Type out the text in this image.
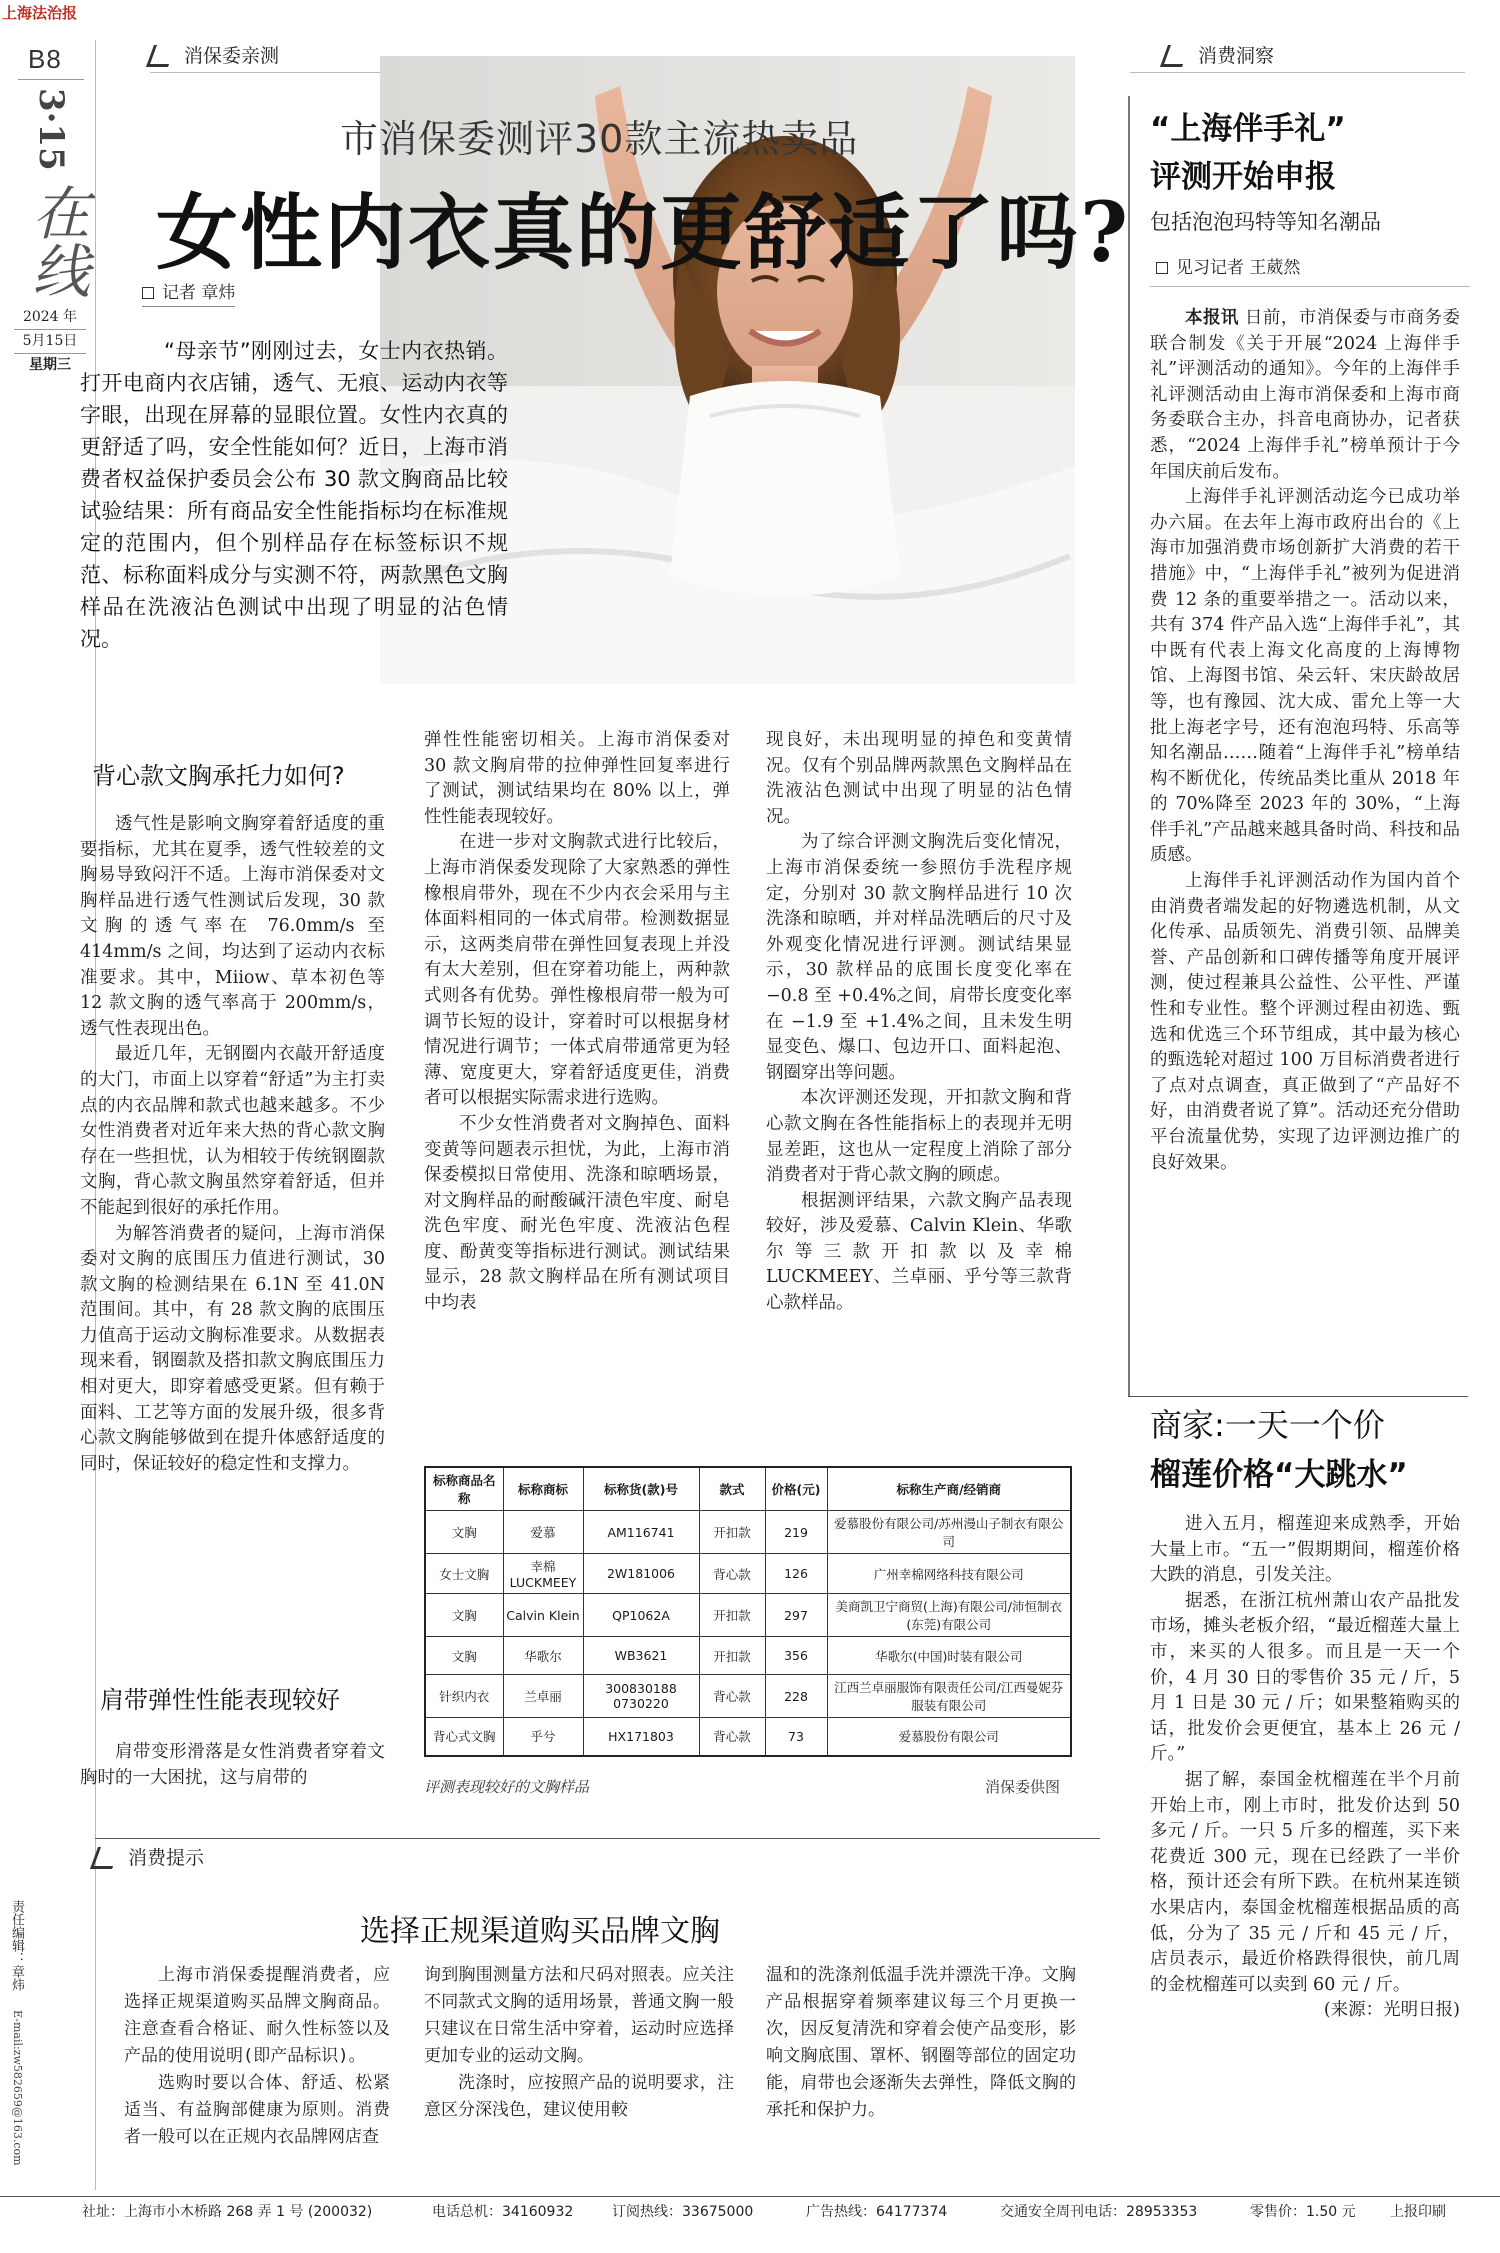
上海法治报
B8
3·15
在线
2024 年
5月15日
星期三
责任编辑：章炜
E-mail:zw582659@163.com
消保委亲测
市消保委测评30款主流热卖品
女性内衣真的更舒适了吗?
记者 章炜
“母亲节”刚刚过去，女士内衣热销。打开电商内衣店铺，透气、无痕、运动内衣等字眼，出现在屏幕的显眼位置。女性内衣真的更舒适了吗，安全性能如何？近日，上海市消费者权益保护委员会公布 30 款文胸商品比较试验结果：所有商品安全性能指标均在标准规定的范围内，但个别样品存在标签标识不规范、标称面料成分与实测不符，两款黑色文胸样品在洗液沾色测试中出现了明显的沾色情况。
背心款文胸承托力如何?

透气性是影响文胸穿着舒适度的重要指标，尤其在夏季，透气性较差的文胸易导致闷汗不适。上海市消保委对文胸样品进行透气性测试后发现，30 款文胸的透气率在 76.0mm/s 至 414mm/s 之间，均达到了运动内衣标准要求。其中，Miiow、草本初色等 12 款文胸的透气率高于 200mm/s，透气性表现出色。

最近几年，无钢圈内衣敲开舒适度的大门，市面上以穿着“舒适”为主打卖点的内衣品牌和款式也越来越多。不少女性消费者对近年来大热的背心款文胸存在一些担忧，认为相较于传统钢圈款文胸，背心款文胸虽然穿着舒适，但并不能起到很好的承托作用。

为解答消费者的疑问，上海市消保委对文胸的底围压力值进行测试，30 款文胸的检测结果在 6.1N 至 41.0N 范围间。其中，有 28 款文胸的底围压力值高于运动文胸标准要求。从数据表现来看，钢圈款及搭扣款文胸底围压力相对更大，即穿着感受更紧。但有赖于面料、工艺等方面的发展升级，很多背心款文胸能够做到在提升体感舒适度的同时，保证较好的稳定性和支撑力。

肩带弹性性能表现较好

肩带变形滑落是女性消费者穿着文胸时的一大困扰，这与肩带的

弹性性能密切相关。上海市消保委对 30 款文胸肩带的拉伸弹性回复率进行了测试，测试结果均在 80% 以上，弹性性能表现较好。

在进一步对文胸款式进行比较后，上海市消保委发现除了大家熟悉的弹性橡根肩带外，现在不少内衣会采用与主体面料相同的一体式肩带。检测数据显示，这两类肩带在弹性回复表现上并没有太大差别，但在穿着功能上，两种款式则各有优势。弹性橡根肩带一般为可调节长短的设计，穿着时可以根据身材情况进行调节；一体式肩带通常更为轻薄、宽度更大，穿着舒适度更佳，消费者可以根据实际需求进行选购。

不少女性消费者对文胸掉色、面料变黄等问题表示担忧，为此，上海市消保委模拟日常使用、洗涤和晾晒场景，对文胸样品的耐酸碱汗渍色牢度、耐皂洗色牢度、耐光色牢度、洗液沾色程度、酚黄变等指标进行测试。测试结果显示，28 款文胸样品在所有测试项目中均表

现良好，未出现明显的掉色和变黄情况。仅有个别品牌两款黑色文胸样品在洗液沾色测试中出现了明显的沾色情况。

为了综合评测文胸洗后变化情况，上海市消保委统一参照仿手洗程序规定，分别对 30 款文胸样品进行 10 次洗涤和晾晒，并对样品洗晒后的尺寸及外观变化情况进行评测。测试结果显示，30 款样品的底围长度变化率在 −0.8 至 +0.4%之间，肩带长度变化率在 −1.9 至 +1.4%之间，且未发生明显变色、爆口、包边开口、面料起泡、钢圈穿出等问题。

本次评测还发现，开扣款文胸和背心款文胸在各性能指标上的表现并无明显差距，这也从一定程度上消除了部分消费者对于背心款文胸的顾虑。

根据测评结果，六款文胸产品表现较好，涉及爱慕、Calvin Klein、华歌尔等三款开扣款以及幸棉 LUCKMEEY、兰卓丽、乎兮等三款背心款样品。

标称商品名称	标称商标	标称货(款)号	款式	价格(元)	标称生产商/经销商
文胸	爱慕	AM116741	开扣款	219	爱慕股份有限公司/苏州漫山子制衣有限公司
女士文胸	幸棉 LUCKMEEY	2W181006	背心款	126	广州幸棉网络科技有限公司
文胸	Calvin Klein	QP1062A	开扣款	297	美商凯卫宁商贸(上海)有限公司/沛恒制衣(东莞)有限公司
文胸	华歌尔	WB3621	开扣款	356	华歌尔(中国)时装有限公司
针织内衣	兰卓丽	300830188 0730220	背心款	228	江西兰卓丽服饰有限责任公司/江西曼妮芬服装有限公司
背心式文胸	乎兮	HX171803	背心款	73	爱慕股份有限公司
评测表现较好的文胸样品	消保委供图
消费提示
选择正规渠道购买品牌文胸

上海市消保委提醒消费者，应选择正规渠道购买品牌文胸商品。注意查看合格证、耐久性标签以及产品的使用说明(即产品标识)。

选购时要以合体、舒适、松紧适当、有益胸部健康为原则。消费者一般可以在正规内衣品牌网店查

询到胸围测量方法和尺码对照表。应关注不同款式文胸的适用场景，普通文胸一般只建议在日常生活中穿着，运动时应选择更加专业的运动文胸。

洗涤时，应按照产品的说明要求，注意区分深浅色，建议使用較

温和的洗涤剂低温手洗并漂洗干净。文胸产品根据穿着频率建议每三个月更换一次，因反复清洗和穿着会使产品变形，影响文胸底围、罩杯、钢圈等部位的固定功能，肩带也会逐渐失去弹性，降低文胸的承托和保护力。

消费洞察
“上海伴手礼”
评测开始申报
包括泡泡玛特等知名潮品
见习记者 王葳然

本报讯 日前，市消保委与市商务委联合制发《关于开展“2024 上海伴手礼”评测活动的通知》。今年的上海伴手礼评测活动由上海市消保委和上海市商务委联合主办，抖音电商协办，记者获悉，“2024 上海伴手礼”榜单预计于今年国庆前后发布。

上海伴手礼评测活动迄今已成功举办六届。在去年上海市政府出台的《上海市加强消费市场创新扩大消费的若干措施》中，“上海伴手礼”被列为促进消费 12 条的重要举措之一。活动以来，共有 374 件产品入选“上海伴手礼”，其中既有代表上海文化高度的上海博物馆、上海图书馆、朵云轩、宋庆龄故居等，也有豫园、沈大成、雷允上等一大批上海老字号，还有泡泡玛特、乐高等知名潮品……随着“上海伴手礼”榜单结构不断优化，传统品类比重从 2018 年的 70%降至 2023 年的 30%，“上海伴手礼”产品越来越具备时尚、科技和品质感。

上海伴手礼评测活动作为国内首个由消费者端发起的好物遴选机制，从文化传承、品质领先、消费引领、品牌美誉、产品创新和口碑传播等角度开展评测，使过程兼具公益性、公平性、严谨性和专业性。整个评测过程由初选、甄选和优选三个环节组成，其中最为核心的甄选轮对超过 100 万目标消费者进行了点对点调查，真正做到了“产品好不好，由消费者说了算”。活动还充分借助平台流量优势，实现了边评测边推广的良好效果。

商家:一天一个价
榴莲价格“大跳水”

进入五月，榴莲迎来成熟季，开始大量上市。“五一”假期期间，榴莲价格大跌的消息，引发关注。

据悉，在浙江杭州萧山农产品批发市场，摊头老板介绍，“最近榴莲大量上市，来买的人很多。而且是一天一个价，4 月 30 日的零售价 35 元 / 斤，5 月 1 日是 30 元 / 斤；如果整箱购买的话，批发价会更便宜，基本上 26 元 / 斤。”

据了解，泰国金枕榴莲在半个月前开始上市，刚上市时，批发价达到 50 多元 / 斤。一只 5 斤多的榴莲，买下来花费近 300 元，现在已经跌了一半价格，预计还会有所下跌。在杭州某连锁水果店内，泰国金枕榴莲根据品质的高低，分为了 35 元 / 斤和 45 元 / 斤，店员表示，最近价格跌得很快，前几周的金枕榴莲可以卖到 60 元 / 斤。

(来源：光明日报)

社址：上海市小木桥路 268 弄 1 号 (200032)	电话总机：34160932	订阅热线：33675000	广告热线：64177374	交通安全周刊电话：28953353	零售价：1.50 元 上报印刷
